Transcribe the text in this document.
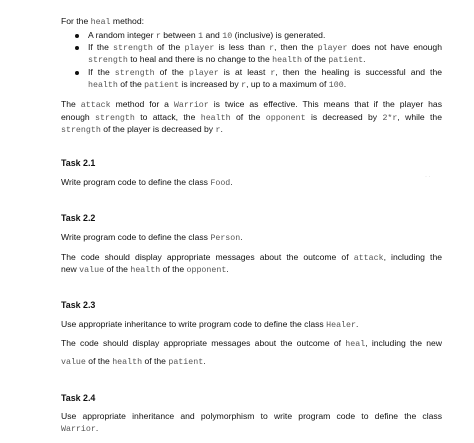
For the heal method:
A random integer r between 1 and 10 (inclusive) is generated.
If the strength of the player is less than r, then the player does not have enough
strength to heal and there is no change to the health of the patient.
If the strength of the player is at least r, then the healing is successful and the
health of the patient is increased by r, up to a maximum of 100.
The attack method for a Warrior is twice as effective. This means that if the player has
enough strength to attack, the health of the opponent is decreased by 2*r, while the
strength of the player is decreased by r.
Task 2.1
Write program code to define the class Food.	· ·
Task 2.2
Write program code to define the class Person.
The code should display appropriate messages about the outcome of attack, including the
new value of the health of the opponent.
Task 2.3
Use appropriate inheritance to write program code to define the class Healer.
The code should display appropriate messages about the outcome of heal, including the new
value of the health of the patient.
Task 2.4
Use appropriate inheritance and polymorphism to write program code to define the class
Warrior.
